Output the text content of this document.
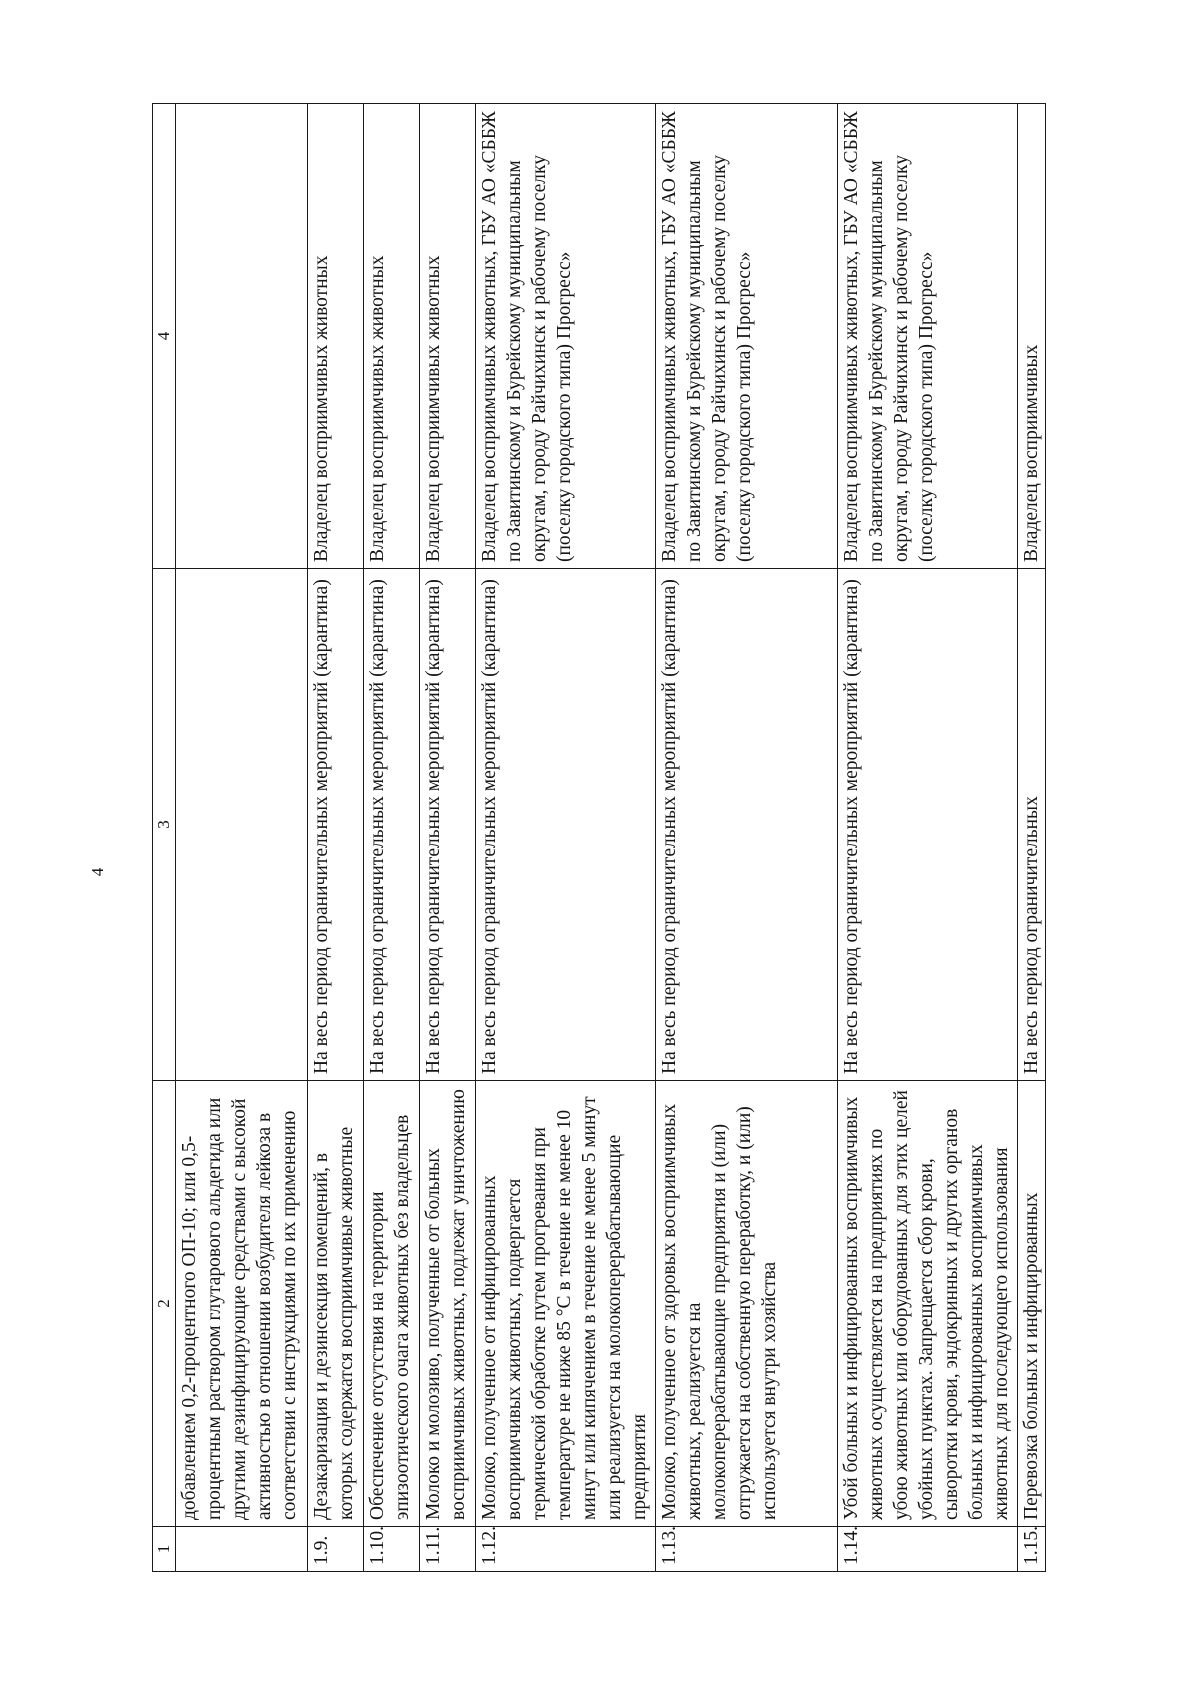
4
1	2	3	4
	добавлением 0,2-процентного ОП-10; или 0,5-процентным раствором глутарового альдегида или другими дезинфицирующие средствами с высокой активностью в отношении возбудителя лейкоза в соответствии с инструкциями по их применению		
1.9.	Дезакаризация и дезинсекция помещений, в которых содержатся восприимчивые животные	На весь период ограничительных мероприятий (карантина)	Владелец восприимчивых животных
1.10.	Обеспечение отсутствия на территории эпизоотического очага животных без владельцев	На весь период ограничительных мероприятий (карантина)	Владелец восприимчивых животных
1.11.	Молоко и молозиво, полученные от больных восприимчивых животных, подлежат уничтожению	На весь период ограничительных мероприятий (карантина)	Владелец восприимчивых животных
1.12.	Молоко, полученное от инфицированных восприимчивых животных, подвергается термической обработке путем прогревания при температуре не ниже 85 °С в течение не менее 10 минут или кипячением в течение не менее 5 минут или реализуется на молокоперерабатывающие предприятия	На весь период ограничительных мероприятий (карантина)	Владелец восприимчивых животных, ГБУ АО «СББЖ по Завитинскому и Бурейскому муниципальным округам, городу Райчихинск и рабочему поселку (поселку городского типа) Прогресс»
1.13.	Молоко, полученное от здоровых восприимчивых животных, реализуется на молокоперерабатывающие предприятия и (или) отгружается на собственную переработку, и (или) используется внутри хозяйства	На весь период ограничительных мероприятий (карантина)	Владелец восприимчивых животных, ГБУ АО «СББЖ по Завитинскому и Бурейскому муниципальным округам, городу Райчихинск и рабочему поселку (поселку городского типа) Прогресс»
1.14.	Убой больных и инфицированных восприимчивых животных осуществляется на предприятиях по убою животных или оборудованных для этих целей убойных пунктах. Запрещается сбор крови, сыворотки крови, эндокринных и других органов больных и инфицированных восприимчивых животных для последующего использования	На весь период ограничительных мероприятий (карантина)	Владелец восприимчивых животных, ГБУ АО «СББЖ по Завитинскому и Бурейскому муниципальным округам, городу Райчихинск и рабочему поселку (поселку городского типа) Прогресс»
1.15.	Перевозка больных и инфицированных	На весь период ограничительных	Владелец восприимчивых
